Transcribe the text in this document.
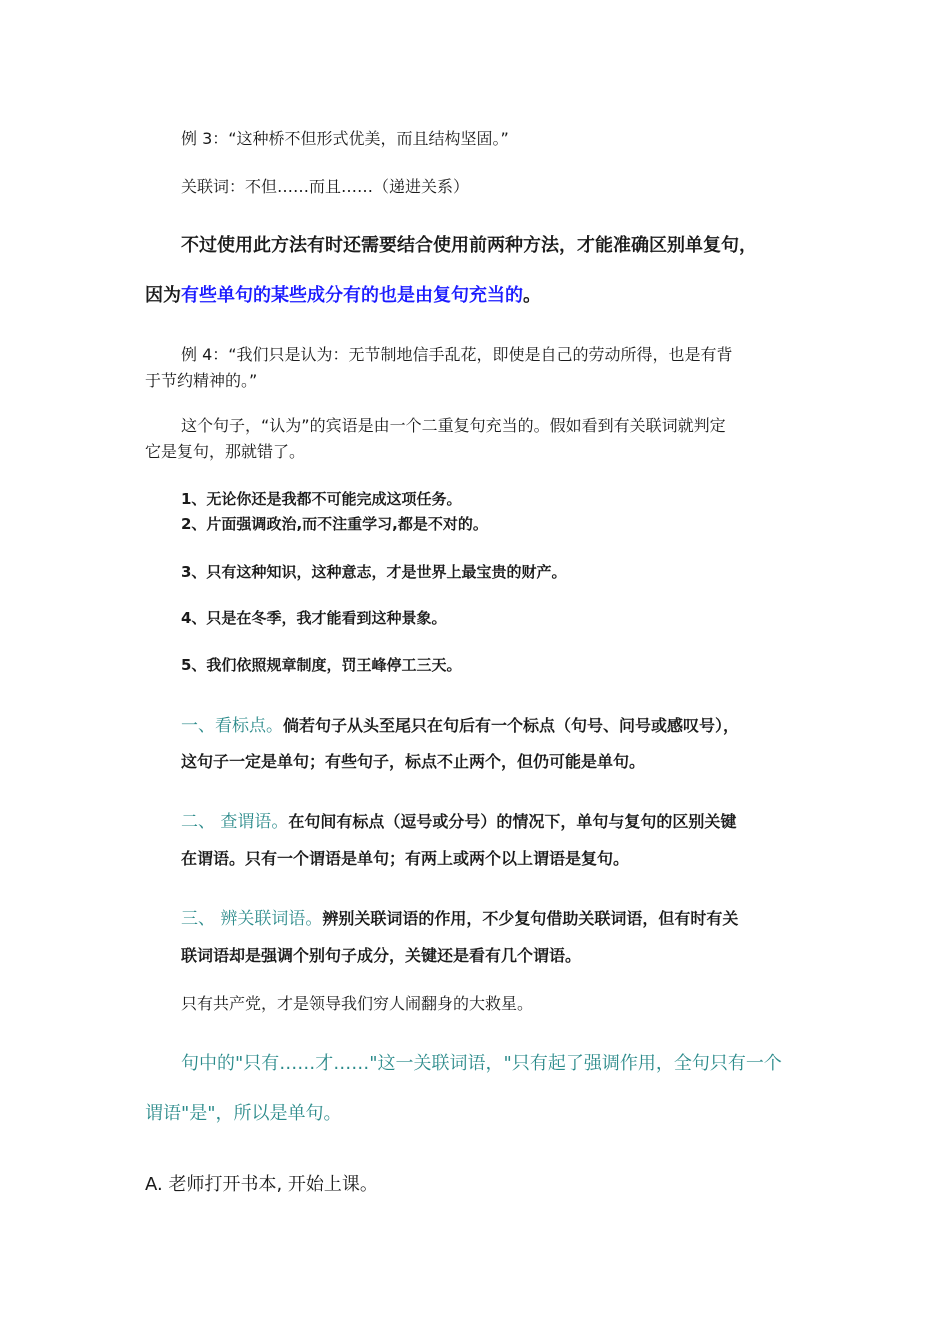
例 3：“这种桥不但形式优美，而且结构坚固。”
关联词：不但……而且……（递进关系）
不过使用此方法有时还需要结合使用前两种方法，才能准确区别单复句，
因为有些单句的某些成分有的也是由复句充当的。
例 4：“我们只是认为：无节制地信手乱花，即使是自己的劳动所得，也是有背
于节约精神的。”
这个句子，“认为”的宾语是由一个二重复句充当的。假如看到有关联词就判定
它是复句，那就错了。
1、无论你还是我都不可能完成这项任务。
2、片面强调政治,而不注重学习,都是不对的。
3、只有这种知识，这种意志，才是世界上最宝贵的财产。
4、只是在冬季，我才能看到这种景象。
5、我们依照规章制度，罚王峰停工三天。
一、看标点。倘若句子从头至尾只在句后有一个标点（句号、问号或感叹号），
这句子一定是单句；有些句子，标点不止两个，但仍可能是单句。
二、 查谓语。在句间有标点（逗号或分号）的情况下，单句与复句的区别关键
在谓语。只有一个谓语是单句；有两上或两个以上谓语是复句。
三、 辨关联词语。辨别关联词语的作用，不少复句借助关联词语，但有时有关
联词语却是强调个别句子成分，关键还是看有几个谓语。
只有共产党，才是领导我们穷人闹翻身的大救星。
句中的"只有……才……"这一关联词语，"只有起了强调作用，全句只有一个
谓语"是"，所以是单句。
A. 老师打开书本, 开始上课。
